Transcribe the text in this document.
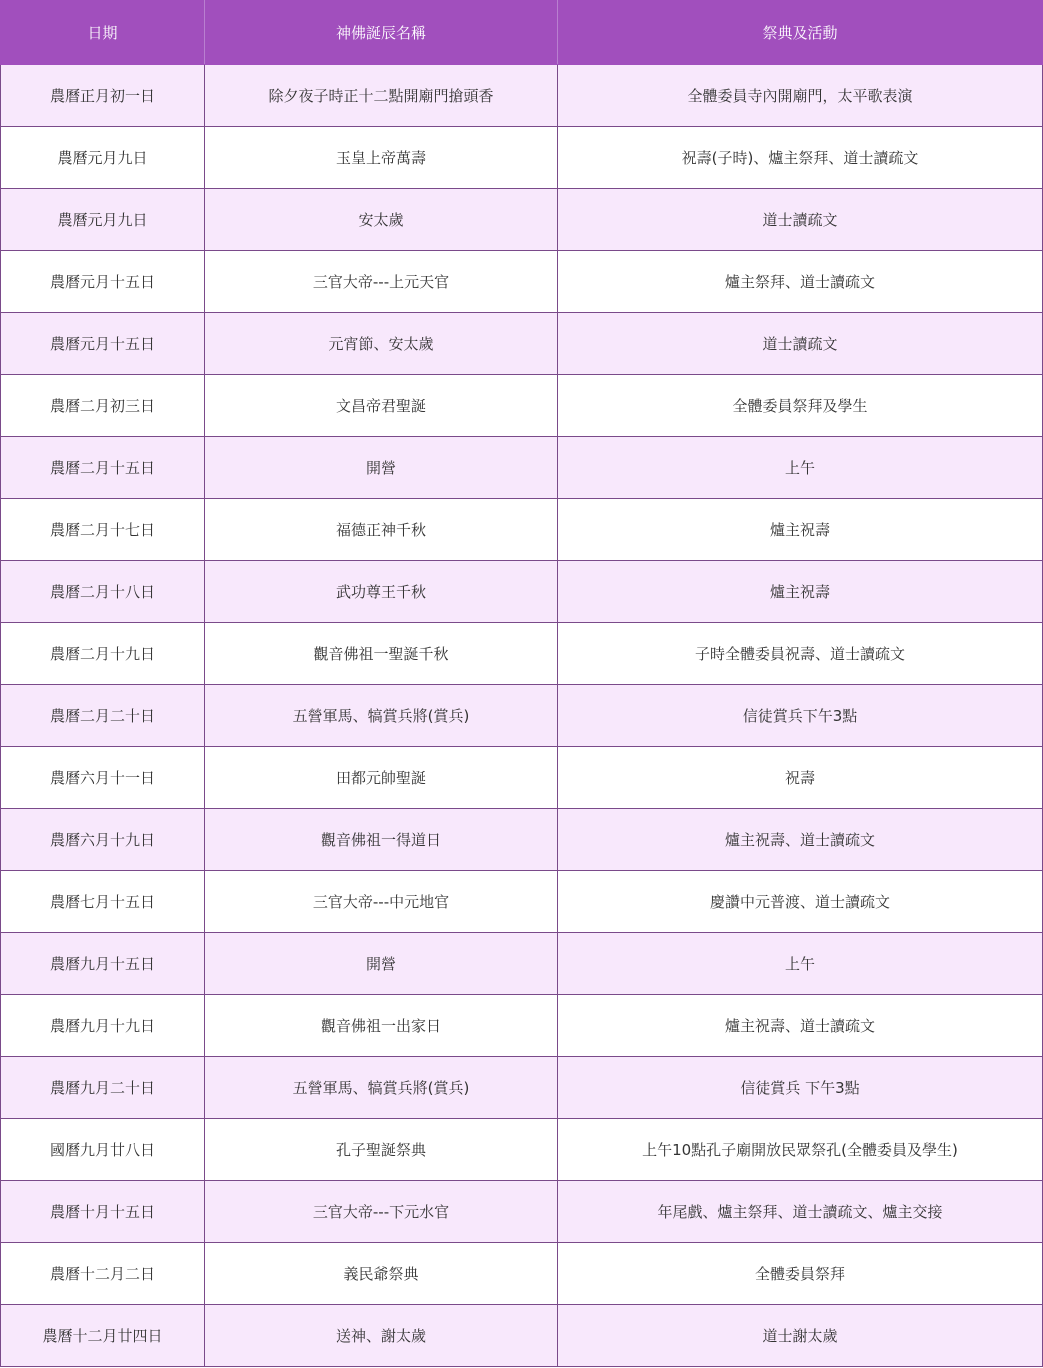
日期	神佛誕辰名稱	祭典及活動
農曆正月初一日	除夕夜子時正十二點開廟門搶頭香	全體委員寺內開廟門，太平歌表演
農曆元月九日	玉皇上帝萬壽	祝壽(子時)、爐主祭拜、道士讀疏文
農曆元月九日	安太歲	道士讀疏文
農曆元月十五日	三官大帝---上元天官	爐主祭拜、道士讀疏文
農曆元月十五日	元宵節、安太歲	道士讀疏文
農曆二月初三日	文昌帝君聖誕	全體委員祭拜及學生
農曆二月十五日	開營	上午
農曆二月十七日	福德正神千秋	爐主祝壽
農曆二月十八日	武功尊王千秋	爐主祝壽
農曆二月十九日	觀音佛祖一聖誕千秋	子時全體委員祝壽、道士讀疏文
農曆二月二十日	五營軍馬、犒賞兵將(賞兵)	信徒賞兵下午3點
農曆六月十一日	田都元帥聖誕	祝壽
農曆六月十九日	觀音佛祖一得道日	爐主祝壽、道士讀疏文
農曆七月十五日	三官大帝---中元地官	慶讚中元普渡、道士讀疏文
農曆九月十五日	開營	上午
農曆九月十九日	觀音佛祖一出家日	爐主祝壽、道士讀疏文
農曆九月二十日	五營軍馬、犒賞兵將(賞兵)	信徒賞兵 下午3點
國曆九月廿八日	孔子聖誕祭典	上午10點孔子廟開放民眾祭孔(全體委員及學生)
農曆十月十五日	三官大帝---下元水官	年尾戲、爐主祭拜、道士讀疏文、爐主交接
農曆十二月二日	義民爺祭典	全體委員祭拜
農曆十二月廿四日	送神、謝太歲	道士謝太歲
